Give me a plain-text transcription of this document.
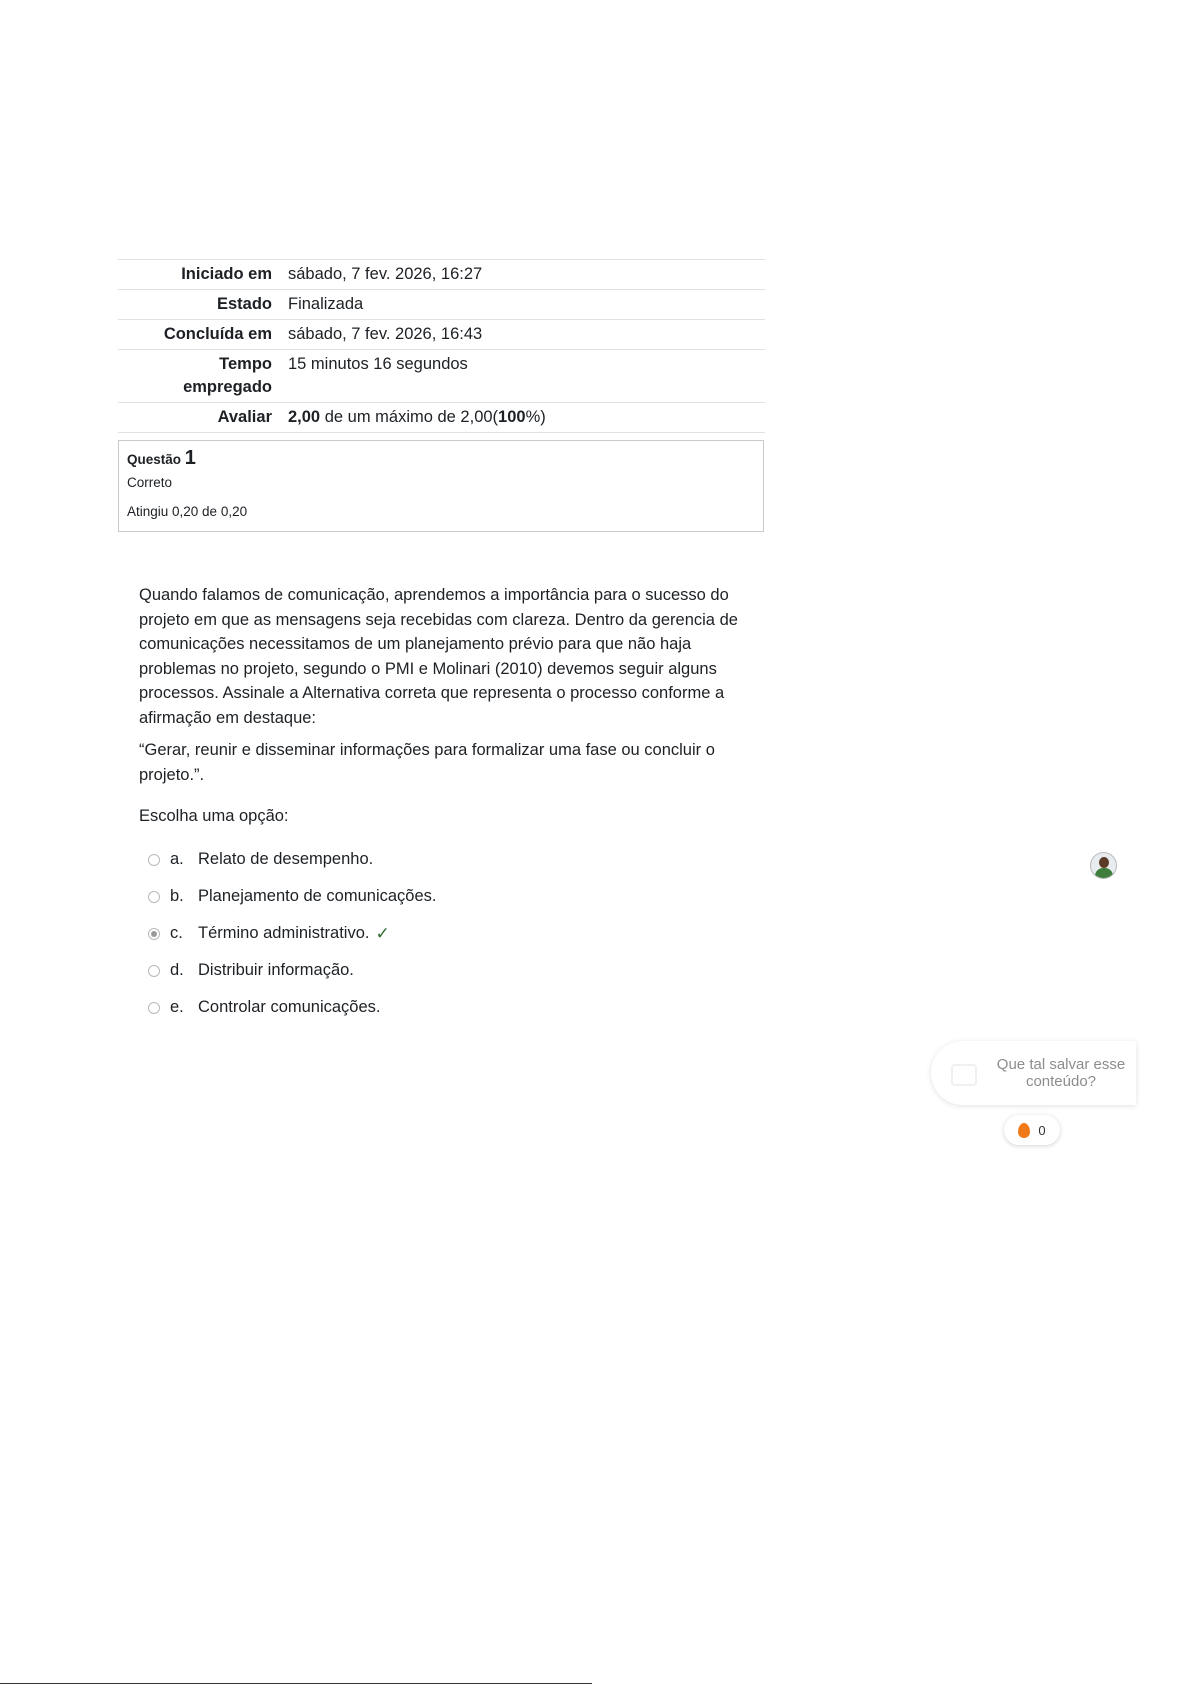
Iniciado em	sábado, 7 fev. 2026, 16:27
Estado	Finalizada
Concluída em	sábado, 7 fev. 2026, 16:43
Tempo empregado	15 minutos 16 segundos
Avaliar	2,00 de um máximo de 2,00(100%)
Questão 1
Correto
Atingiu 0,20 de 0,20

Quando falamos de comunicação, aprendemos a importância para o sucesso do projeto em que as mensagens seja recebidas com clareza. Dentro da gerencia de comunicações necessitamos de um planejamento prévio para que não haja problemas no projeto, segundo o PMI e Molinari (2010) devemos seguir alguns processos. Assinale a Alternativa correta que representa o processo conforme a afirmação em destaque:

“Gerar, reunir e disseminar informações para formalizar uma fase ou concluir o projeto.”.

Escolha uma opção:
a. Relato de desempenho.
b. Planejamento de comunicações.
c. Término administrativo. ✓
d. Distribuir informação.
e. Controlar comunicações.
Que tal salvar esse conteúdo?
0
